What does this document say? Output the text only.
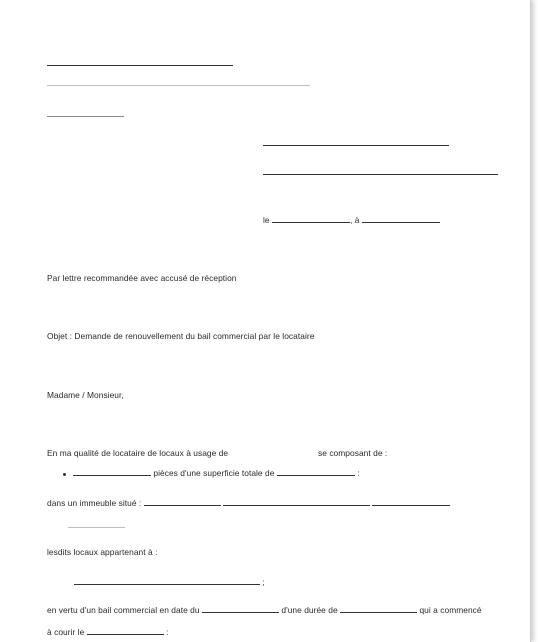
le	, à
Par lettre recommandée avec accusé de réception
Objet : Demande de renouvellement du bail commercial par le locataire
Madame / Monsieur,
En ma qualité de locataire de locaux à usage de	se composant de :
pièces d'une superficie totale de	:
dans un immeuble situé :
lesdits locaux appartenant à :
;
en vertu d'un bail commercial en date du	d'une durée de	qui a commencé
à courir le	:
